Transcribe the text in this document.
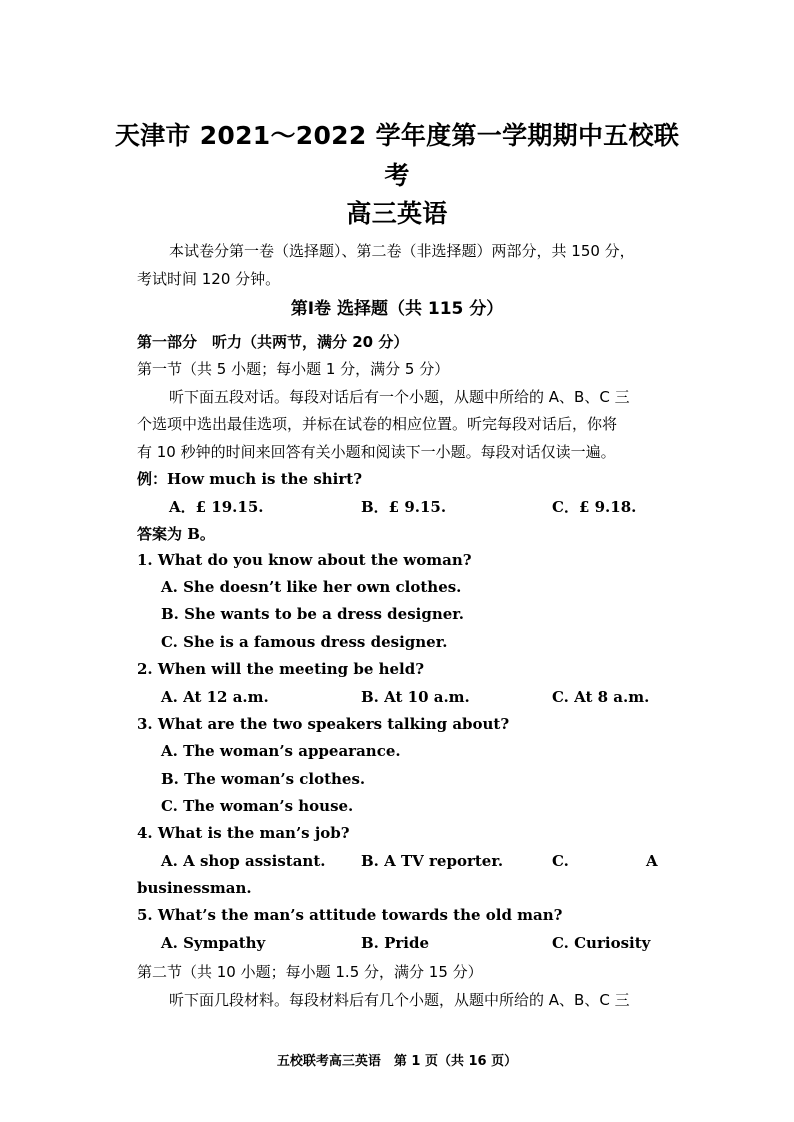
天津市 2021～2022 学年度第一学期期中五校联
考
高三英语
本试卷分第一卷（选择题）、第二卷（非选择题）两部分，共 150 分，
考试时间 120 分钟。
第Ⅰ卷 选择题（共 115 分）
第一部分　听力（共两节，满分 20 分）
第一节（共 5 小题；每小题 1 分，满分 5 分）
听下面五段对话。每段对话后有一个小题，从题中所给的 A、B、C 三
个选项中选出最佳选项，并标在试卷的相应位置。听完每段对话后，你将
有 10 秒钟的时间来回答有关小题和阅读下一小题。每段对话仅读一遍。
例：How much is the shirt?
A．£ 19.15.	B．£ 9.15.	C．£ 9.18.
答案为 B。
1. What do you know about the woman?
A. She doesn’t like her own clothes.
B. She wants to be a dress designer.
C. She is a famous dress designer.
2. When will the meeting be held?
A. At 12 a.m.	B. At 10 a.m.	C. At 8 a.m.
3. What are the two speakers talking about?
A. The woman’s appearance.
B. The woman’s clothes.
C. The woman’s house.
4. What is the man’s job?
A. A shop assistant. B. A TV reporter.	C.	A
businessman.
5. What’s the man’s attitude towards the old man?
A. Sympathy	B. Pride	C. Curiosity
第二节（共 10 小题；每小题 1.5 分，满分 15 分）
听下面几段材料。每段材料后有几个小题，从题中所给的 A、B、C 三
五校联考高三英语　第 1 页（共 16 页）
